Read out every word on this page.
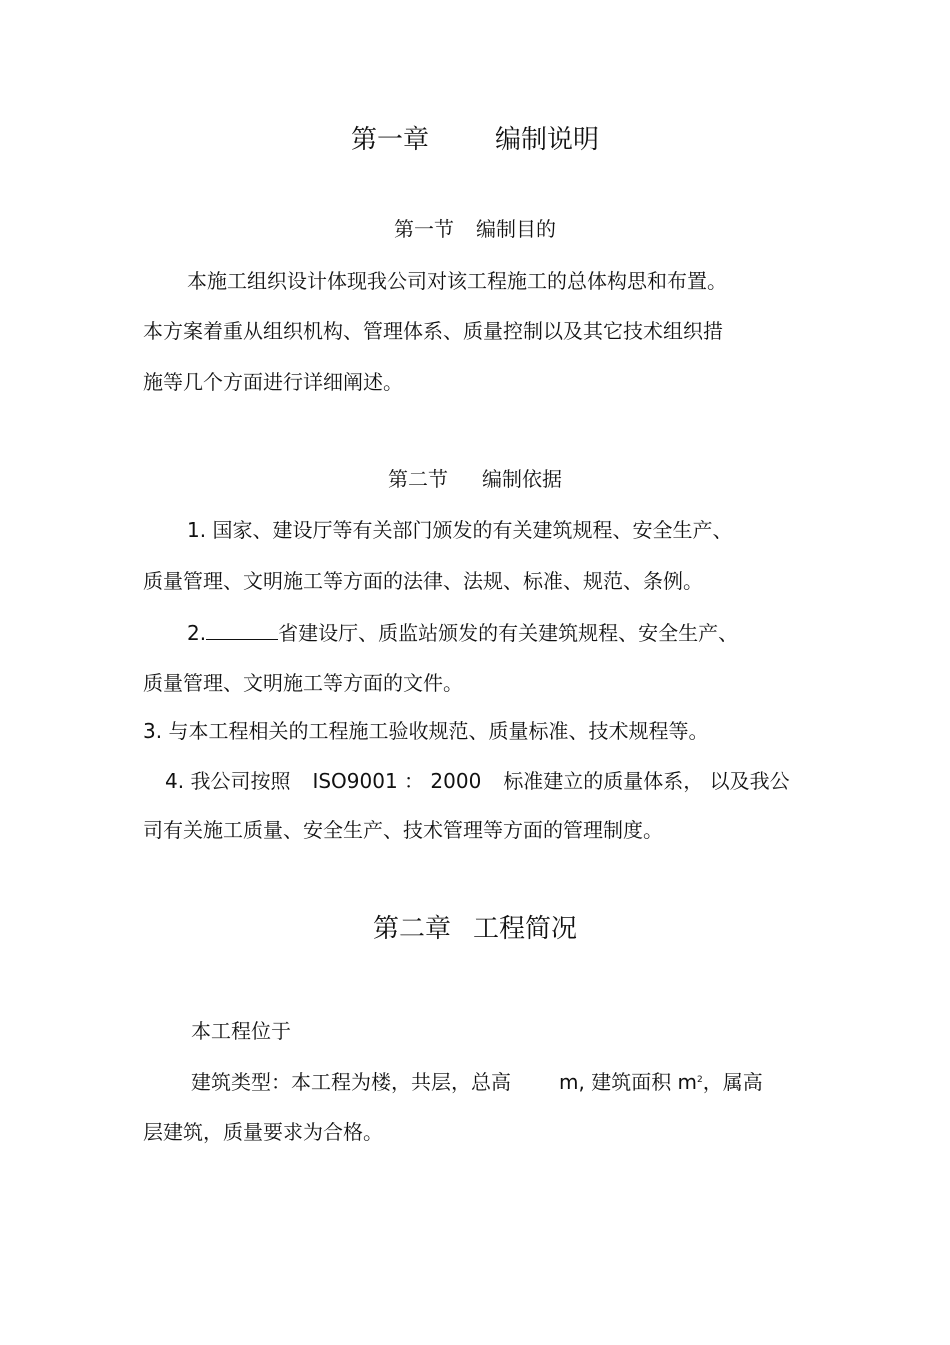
第一章	编制说明
第一节 编制目的
本施工组织设计体现我公司对该工程施工的总体构思和布置。
本方案着重从组织机构、管理体系、质量控制以及其它技术组织措
施等几个方面进行详细阐述。
第二节 编制依据
1. 国家、建设厅等有关部门颁发的有关建筑规程、安全生产、
质量管理、文明施工等方面的法律、法规、标准、规范、条例。
2.	省建设厅、质监站颁发的有关建筑规程、安全生产、
质量管理、文明施工等方面的文件。
3. 与本工程相关的工程施工验收规范、质量标准、技术规程等。
4. 我公司按照 ISO9001 ： 2000 标准建立的质量体系， 以及我公
司有关施工质量、安全生产、技术管理等方面的管理制度。
第二章 工程简况
本工程位于
建筑类型：本工程为楼，共层，总高 m, 建筑面积 $m^2$，属高
层建筑，质量要求为合格。
